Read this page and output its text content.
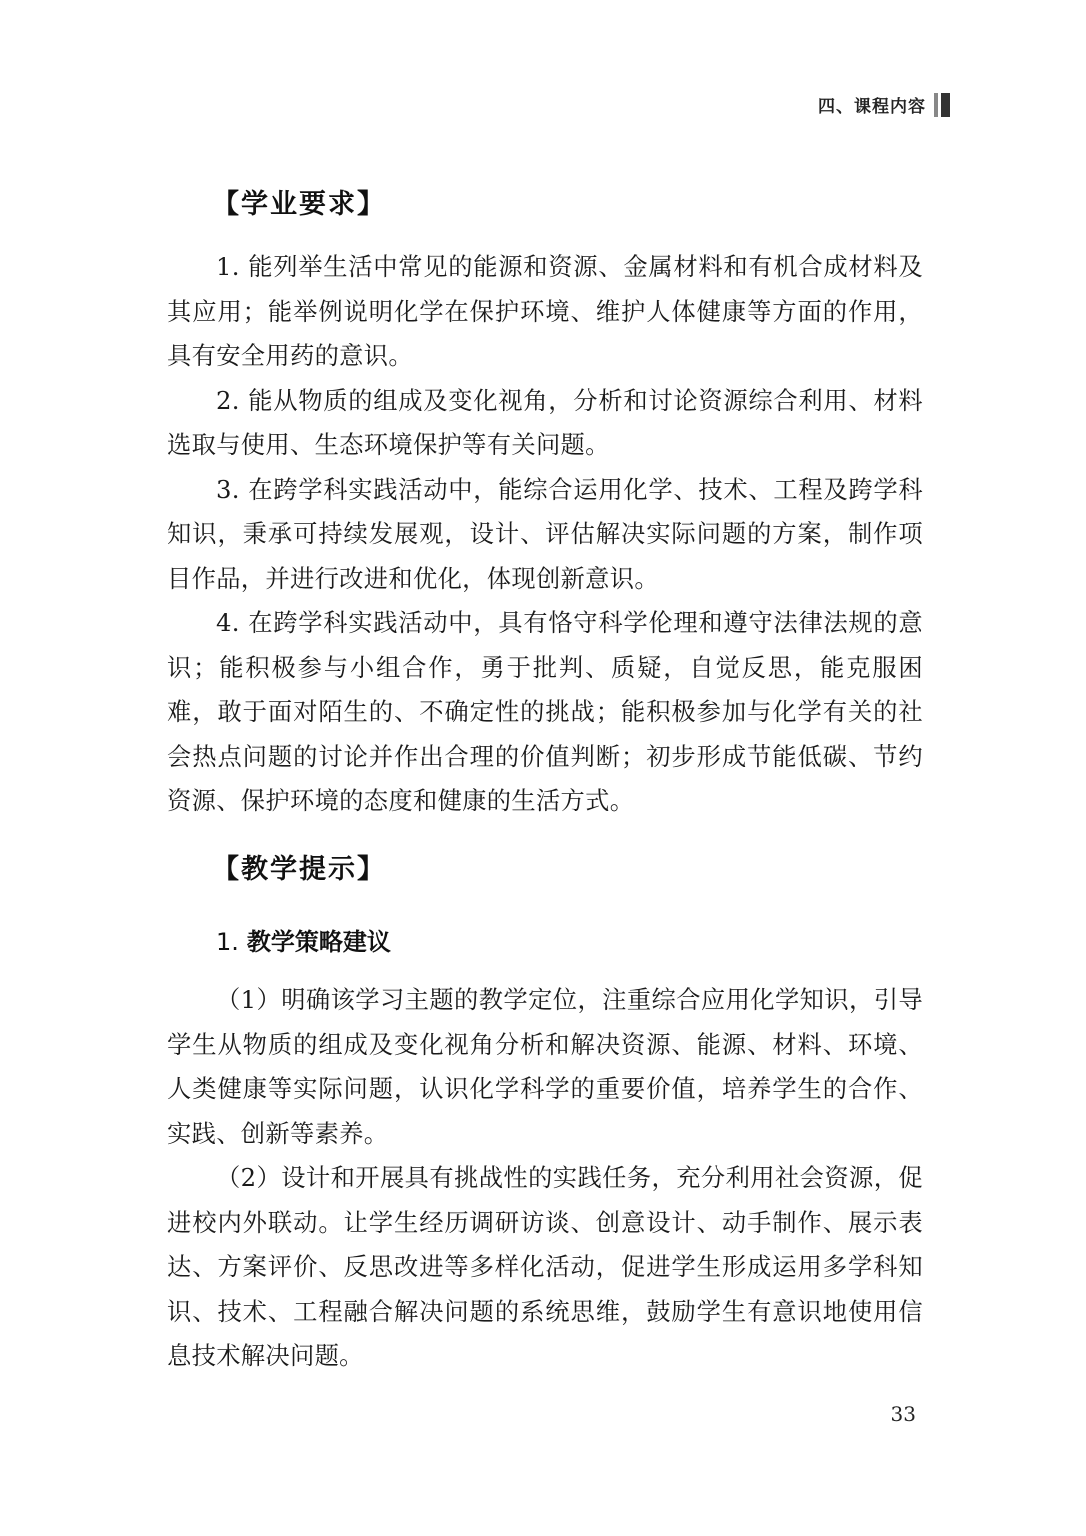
四、课程内容
【学业要求】

1. 能列举生活中常见的能源和资源、金属材料和有机合成材料及其应用；能举例说明化学在保护环境、维护人体健康等方面的作用，具有安全用药的意识。

2. 能从物质的组成及变化视角，分析和讨论资源综合利用、材料选取与使用、生态环境保护等有关问题。

3. 在跨学科实践活动中，能综合运用化学、技术、工程及跨学科知识，秉承可持续发展观，设计、评估解决实际问题的方案，制作项目作品，并进行改进和优化，体现创新意识。

4. 在跨学科实践活动中，具有恪守科学伦理和遵守法律法规的意识；能积极参与小组合作，勇于批判、质疑，自觉反思，能克服困难，敢于面对陌生的、不确定性的挑战；能积极参加与化学有关的社会热点问题的讨论并作出合理的价值判断；初步形成节能低碳、节约资源、保护环境的态度和健康的生活方式。

【教学提示】
1. 教学策略建议

（1）明确该学习主题的教学定位，注重综合应用化学知识，引导学生从物质的组成及变化视角分析和解决资源、能源、材料、环境、人类健康等实际问题，认识化学科学的重要价值，培养学生的合作、实践、创新等素养。

（2）设计和开展具有挑战性的实践任务，充分利用社会资源，促进校内外联动。让学生经历调研访谈、创意设计、动手制作、展示表达、方案评价、反思改进等多样化活动，促进学生形成运用多学科知识、技术、工程融合解决问题的系统思维，鼓励学生有意识地使用信息技术解决问题。

33
